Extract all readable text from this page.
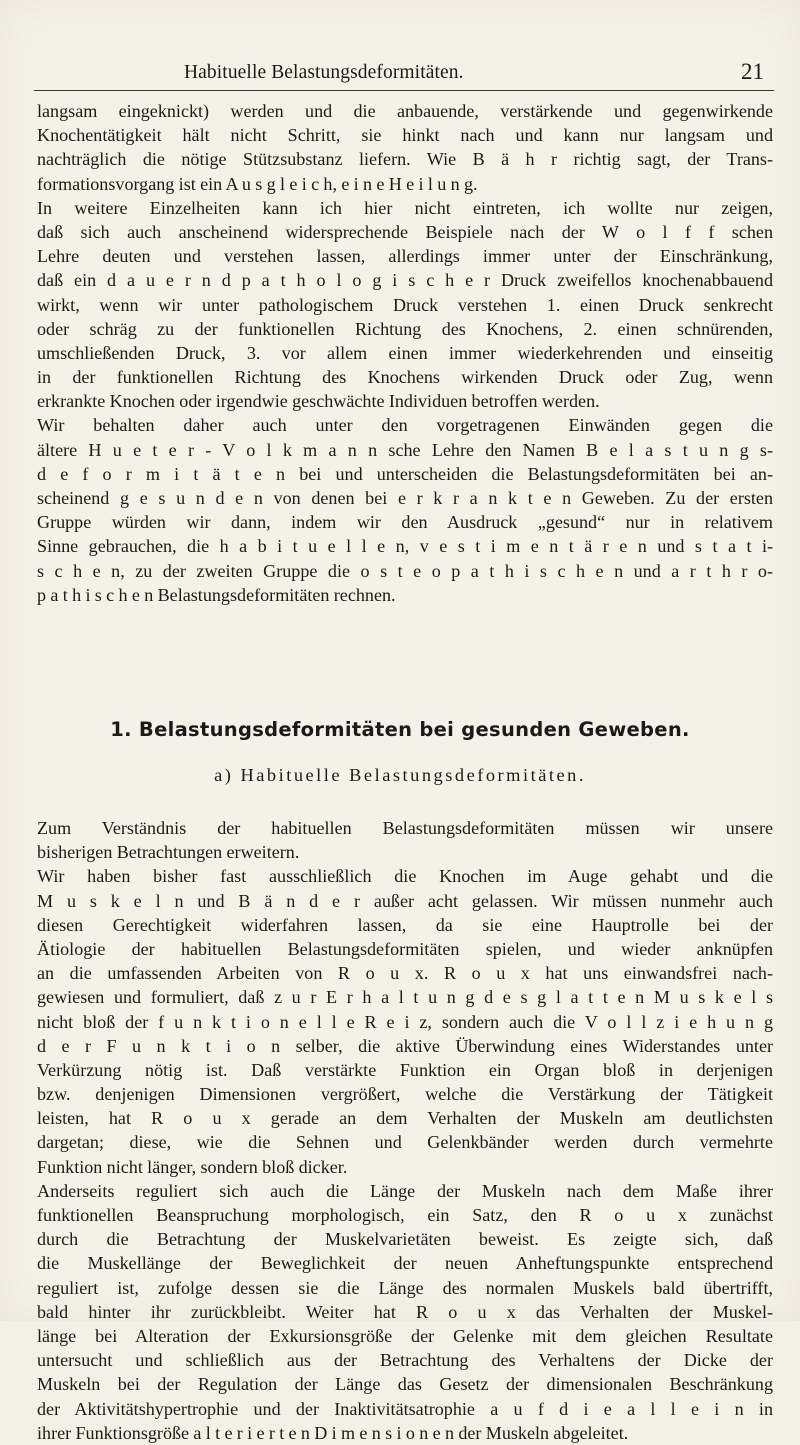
Habituelle Belastungsdeformitäten.	21
langsam eingeknickt) werden und die anbauende, verstärkende und gegenwirkende
Knochentätigkeit hält nicht Schritt, sie hinkt nach und kann nur langsam und
nachträglich die nötige Stützsubstanz liefern. Wie B ä h r richtig sagt, der Trans-
formationsvorgang ist ein A u s g l e i c h, e i n e H e i l u n g.
In weitere Einzelheiten kann ich hier nicht eintreten, ich wollte nur zeigen,
daß sich auch anscheinend widersprechende Beispiele nach der W o l f f schen
Lehre deuten und verstehen lassen, allerdings immer unter der Einschränkung,
daß ein d a u e r n d p a t h o l o g i s c h e r Druck zweifellos knochenabbauend
wirkt, wenn wir unter pathologischem Druck verstehen 1. einen Druck senkrecht
oder schräg zu der funktionellen Richtung des Knochens, 2. einen schnürenden,
umschließenden Druck, 3. vor allem einen immer wiederkehrenden und einseitig
in der funktionellen Richtung des Knochens wirkenden Druck oder Zug, wenn
erkrankte Knochen oder irgendwie geschwächte Individuen betroffen werden.
Wir behalten daher auch unter den vorgetragenen Einwänden gegen die
ältere H u e t e r - V o l k m a n n sche Lehre den Namen B e l a s t u n g s-
d e f o r m i t ä t e n bei und unterscheiden die Belastungsdeformitäten bei an-
scheinend g e s u n d e n von denen bei e r k r a n k t e n Geweben. Zu der ersten
Gruppe würden wir dann, indem wir den Ausdruck „gesund“ nur in relativem
Sinne gebrauchen, die h a b i t u e l l e n, v e s t i m e n t ä r e n und s t a t i-
s c h e n, zu der zweiten Gruppe die o s t e o p a t h i s c h e n und a r t h r o-
p a t h i s c h e n Belastungsdeformitäten rechnen.
1. Belastungsdeformitäten bei gesunden Geweben.
a) Habituelle Belastungsdeformitäten.
Zum Verständnis der habituellen Belastungsdeformitäten müssen wir unsere
bisherigen Betrachtungen erweitern.
Wir haben bisher fast ausschließlich die Knochen im Auge gehabt und die
M u s k e l n und B ä n d e r außer acht gelassen. Wir müssen nunmehr auch
diesen Gerechtigkeit widerfahren lassen, da sie eine Hauptrolle bei der
Ätiologie der habituellen Belastungsdeformitäten spielen, und wieder anknüpfen
an die umfassenden Arbeiten von R o u x. R o u x hat uns einwandsfrei nach-
gewiesen und formuliert, daß z u r E r h a l t u n g d e s g l a t t e n M u s k e l s
nicht bloß der f u n k t i o n e l l e R e i z, sondern auch die V o l l z i e h u n g
d e r F u n k t i o n selber, die aktive Überwindung eines Widerstandes unter
Verkürzung nötig ist. Daß verstärkte Funktion ein Organ bloß in derjenigen
bzw. denjenigen Dimensionen vergrößert, welche die Verstärkung der Tätigkeit
leisten, hat R o u x gerade an dem Verhalten der Muskeln am deutlichsten
dargetan; diese, wie die Sehnen und Gelenkbänder werden durch vermehrte
Funktion nicht länger, sondern bloß dicker.
Anderseits reguliert sich auch die Länge der Muskeln nach dem Maße ihrer
funktionellen Beanspruchung morphologisch, ein Satz, den R o u x zunächst
durch die Betrachtung der Muskelvarietäten beweist. Es zeigte sich, daß
die Muskellänge der Beweglichkeit der neuen Anheftungspunkte entsprechend
reguliert ist, zufolge dessen sie die Länge des normalen Muskels bald übertrifft,
bald hinter ihr zurückbleibt. Weiter hat R o u x das Verhalten der Muskel-
länge bei Alteration der Exkursionsgröße der Gelenke mit dem gleichen Resultate
untersucht und schließlich aus der Betrachtung des Verhaltens der Dicke der
Muskeln bei der Regulation der Länge das Gesetz der dimensionalen Beschränkung
der Aktivitätshypertrophie und der Inaktivitätsatrophie a u f d i e a l l e i n in
ihrer Funktionsgröße a l t e r i e r t e n D i m e n s i o n e n der Muskeln abgeleitet.
